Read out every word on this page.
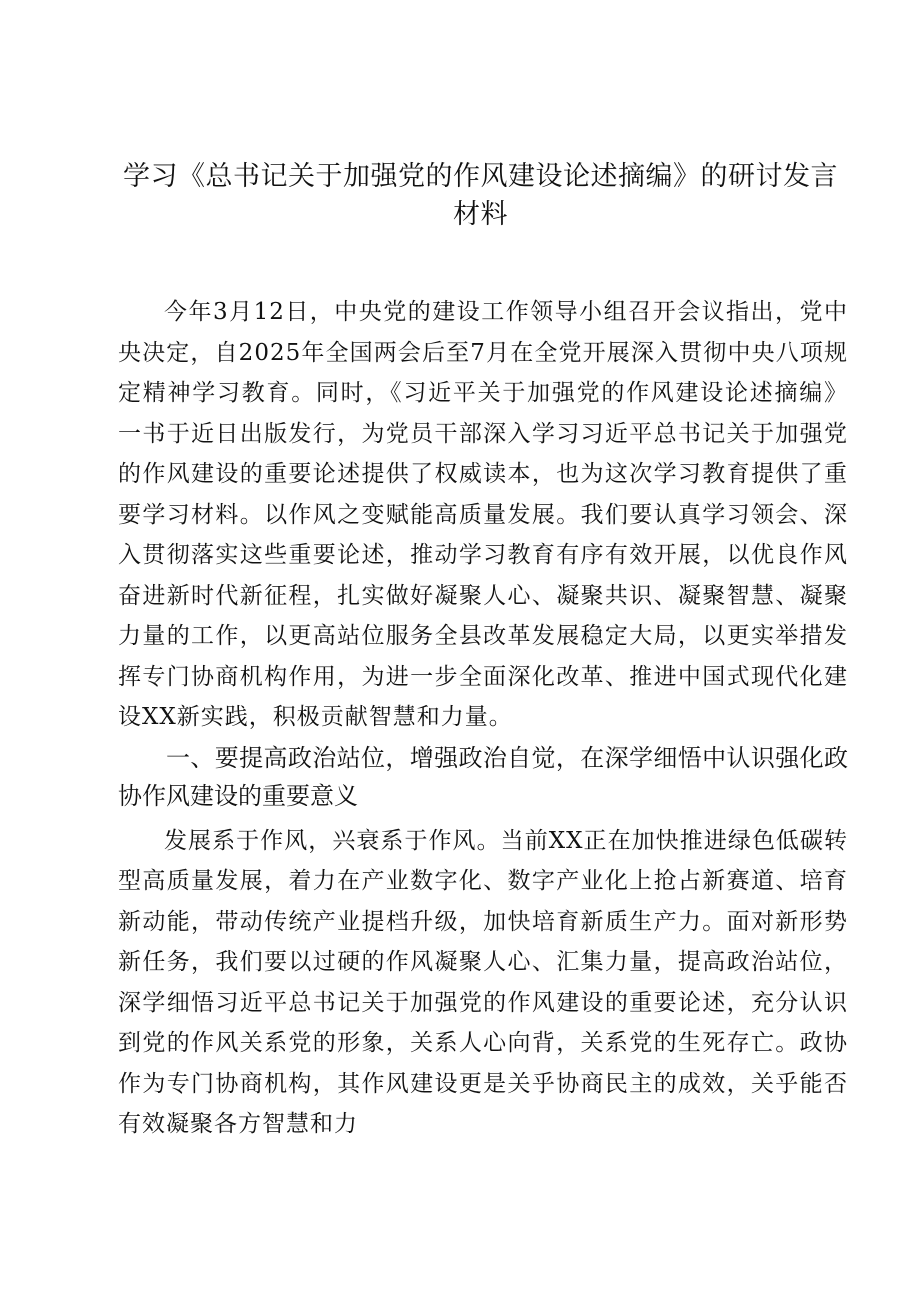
学习《总书记关于加强党的作风建设论述摘编》的研讨发言材料

今年3月12日，中央党的建设工作领导小组召开会议指出，党中央决定，自2025年全国两会后至7月在全党开展深入贯彻中央八项规定精神学习教育。同时，《习近平关于加强党的作风建设论述摘编》一书于近日出版发行，为党员干部深入学习习近平总书记关于加强党的作风建设的重要论述提供了权威读本，也为这次学习教育提供了重要学习材料。以作风之变赋能高质量发展。我们要认真学习领会、深入贯彻落实这些重要论述，推动学习教育有序有效开展，以优良作风奋进新时代新征程，扎实做好凝聚人心、凝聚共识、凝聚智慧、凝聚力量的工作，以更高站位服务全县改革发展稳定大局，以更实举措发挥专门协商机构作用，为进一步全面深化改革、推进中国式现代化建设XX新实践，积极贡献智慧和力量。

一、要提高政治站位，增强政治自觉，在深学细悟中认识强化政协作风建设的重要意义

发展系于作风，兴衰系于作风。当前XX正在加快推进绿色低碳转型高质量发展，着力在产业数字化、数字产业化上抢占新赛道、培育新动能，带动传统产业提档升级，加快培育新质生产力。面对新形势新任务，我们要以过硬的作风凝聚人心、汇集力量，提高政治站位，深学细悟习近平总书记关于加强党的作风建设的重要论述，充分认识到党的作风关系党的形象，关系人心向背，关系党的生死存亡。政协作为专门协商机构，其作风建设更是关乎协商民主的成效，关乎能否有效凝聚各方智慧和力
